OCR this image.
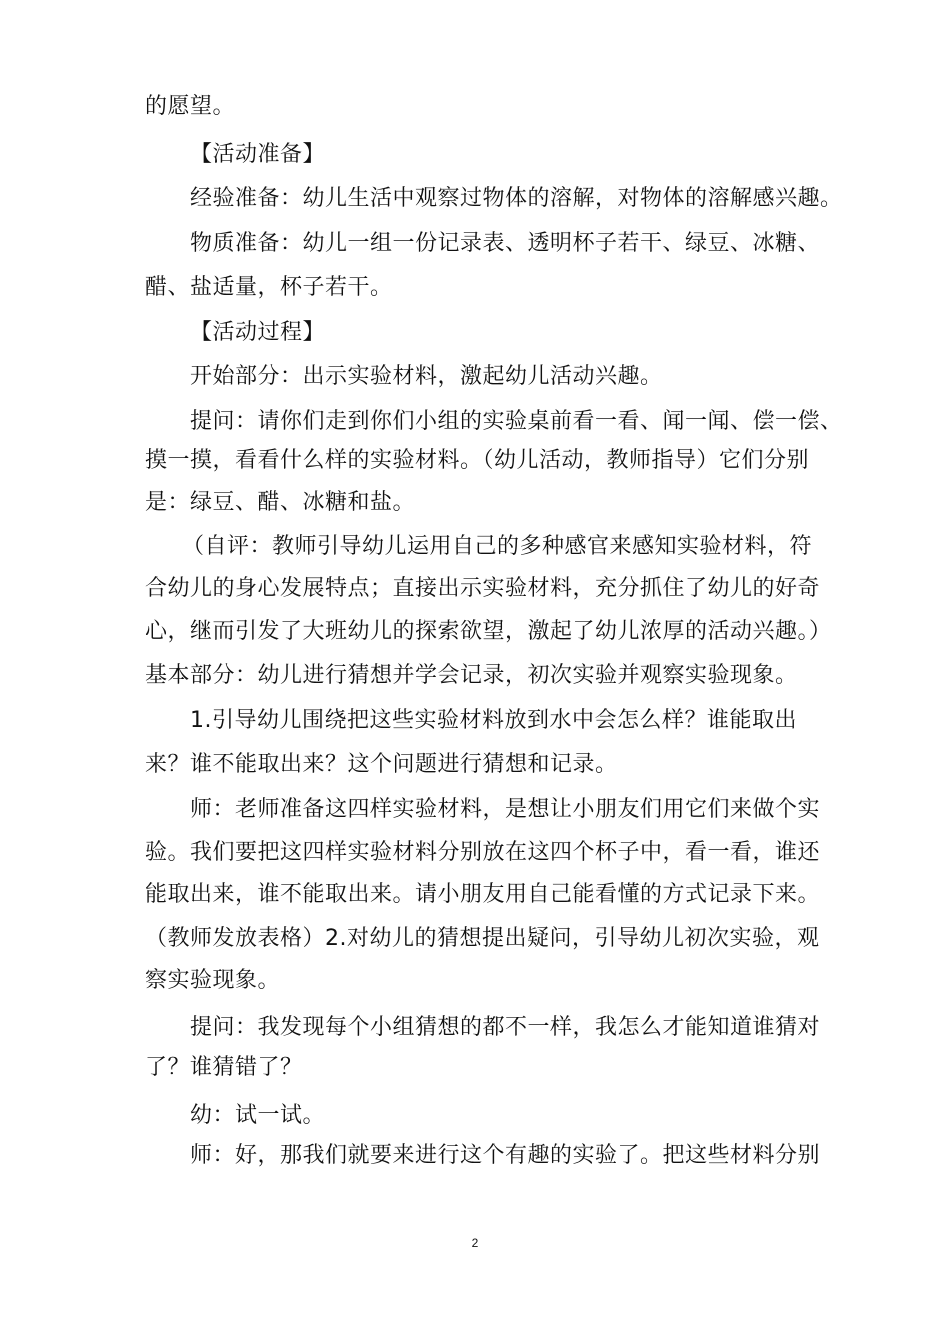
的愿望。
【活动准备】
经验准备：幼儿生活中观察过物体的溶解，对物体的溶解感兴趣。
物质准备：幼儿一组一份记录表、透明杯子若干、绿豆、冰糖、
醋、盐适量，杯子若干。
【活动过程】
开始部分：出示实验材料，激起幼儿活动兴趣。
提问：请你们走到你们小组的实验桌前看一看、闻一闻、偿一偿、
摸一摸，看看什么样的实验材料。（幼儿活动，教师指导）它们分别
是：绿豆、醋、冰糖和盐。
（自评：教师引导幼儿运用自己的多种感官来感知实验材料，符
合幼儿的身心发展特点；直接出示实验材料，充分抓住了幼儿的好奇
心，继而引发了大班幼儿的探索欲望，激起了幼儿浓厚的活动兴趣。）
基本部分：幼儿进行猜想并学会记录，初次实验并观察实验现象。
1.引导幼儿围绕把这些实验材料放到水中会怎么样？谁能取出
来？谁不能取出来？这个问题进行猜想和记录。
师：老师准备这四样实验材料，是想让小朋友们用它们来做个实
验。我们要把这四样实验材料分别放在这四个杯子中，看一看，谁还
能取出来，谁不能取出来。请小朋友用自己能看懂的方式记录下来。
（教师发放表格）2.对幼儿的猜想提出疑问，引导幼儿初次实验，观
察实验现象。
提问：我发现每个小组猜想的都不一样，我怎么才能知道谁猜对
了？谁猜错了？
幼：试一试。
师：好，那我们就要来进行这个有趣的实验了。把这些材料分别
2
